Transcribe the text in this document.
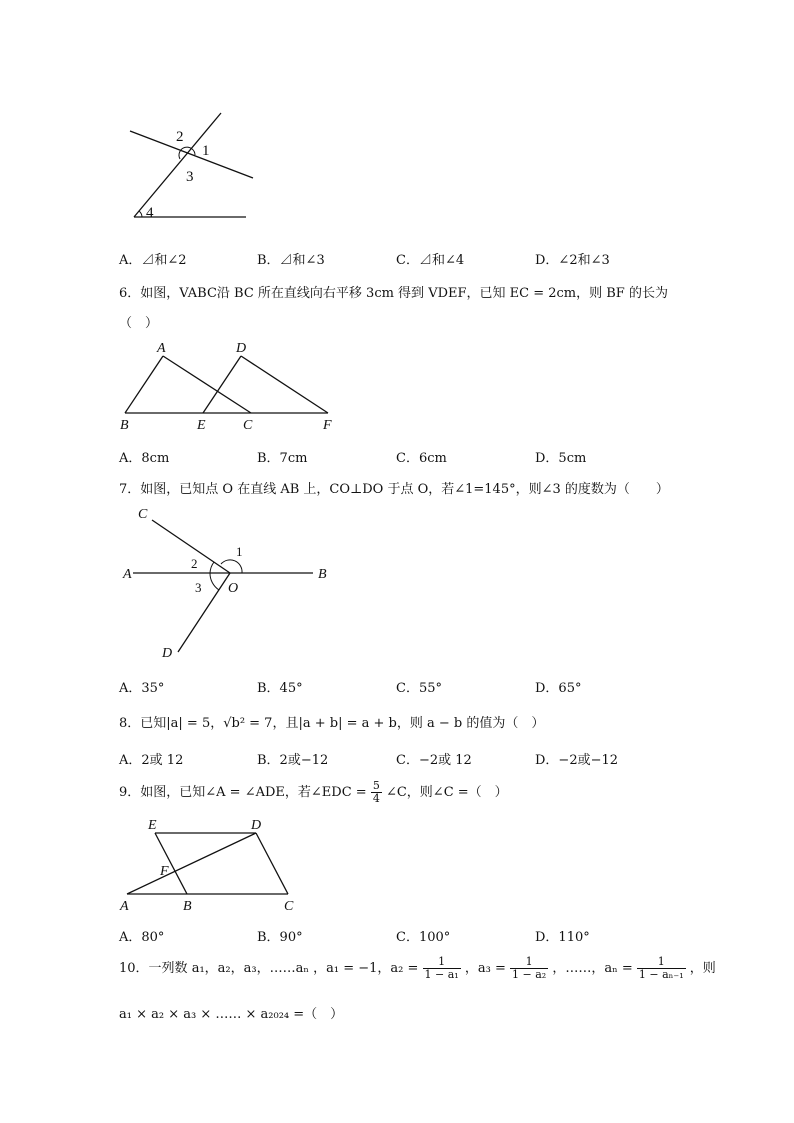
2
1
3
4
A．⊿和∠2	B．⊿和∠3	C．⊿和∠4	D．∠2和∠3
6．如图，VABC沿 BC 所在直线向右平移 3cm 得到 VDEF，已知 EC = 2cm，则 BF 的长为
（　）
A	D
B	E	C	F
A．8cm	B．7cm	C．6cm	D．5cm
7．如图，已知点 O 在直线 AB 上，CO⊥DO 于点 O，若∠1=145°，则∠3 的度数为（　　）
C
A
O
B
D
1
2
3
A．35°	B．45°	C．55°	D．65°
8．已知|a| = 5，√b² = 7，且|a + b| = a + b，则 a − b 的值为（　）
A．2或 12	B．2或−12	C．−2或 12	D．−2或−12
9．如图，已知∠A = ∠ADE，若∠EDC = $\frac{5}{4}$ ∠C，则∠C =（　）
E	D
F
A	B	C
A．80°	B．90°	C．100°	D．110°
10．一列数 a₁，a₂，a₃，……aₙ ，a₁ = −1，$a_2 = \frac{1}{\text{1 − a₁}}$ ，$a_3 = \frac{1}{\text{1 − a₂}}$ ，……，$a_n = \frac{1}{\text{1 − aₙ₋₁}}$ ，则
a₁ × a₂ × a₃ × …… × a₂₀₂₄ =（　）
